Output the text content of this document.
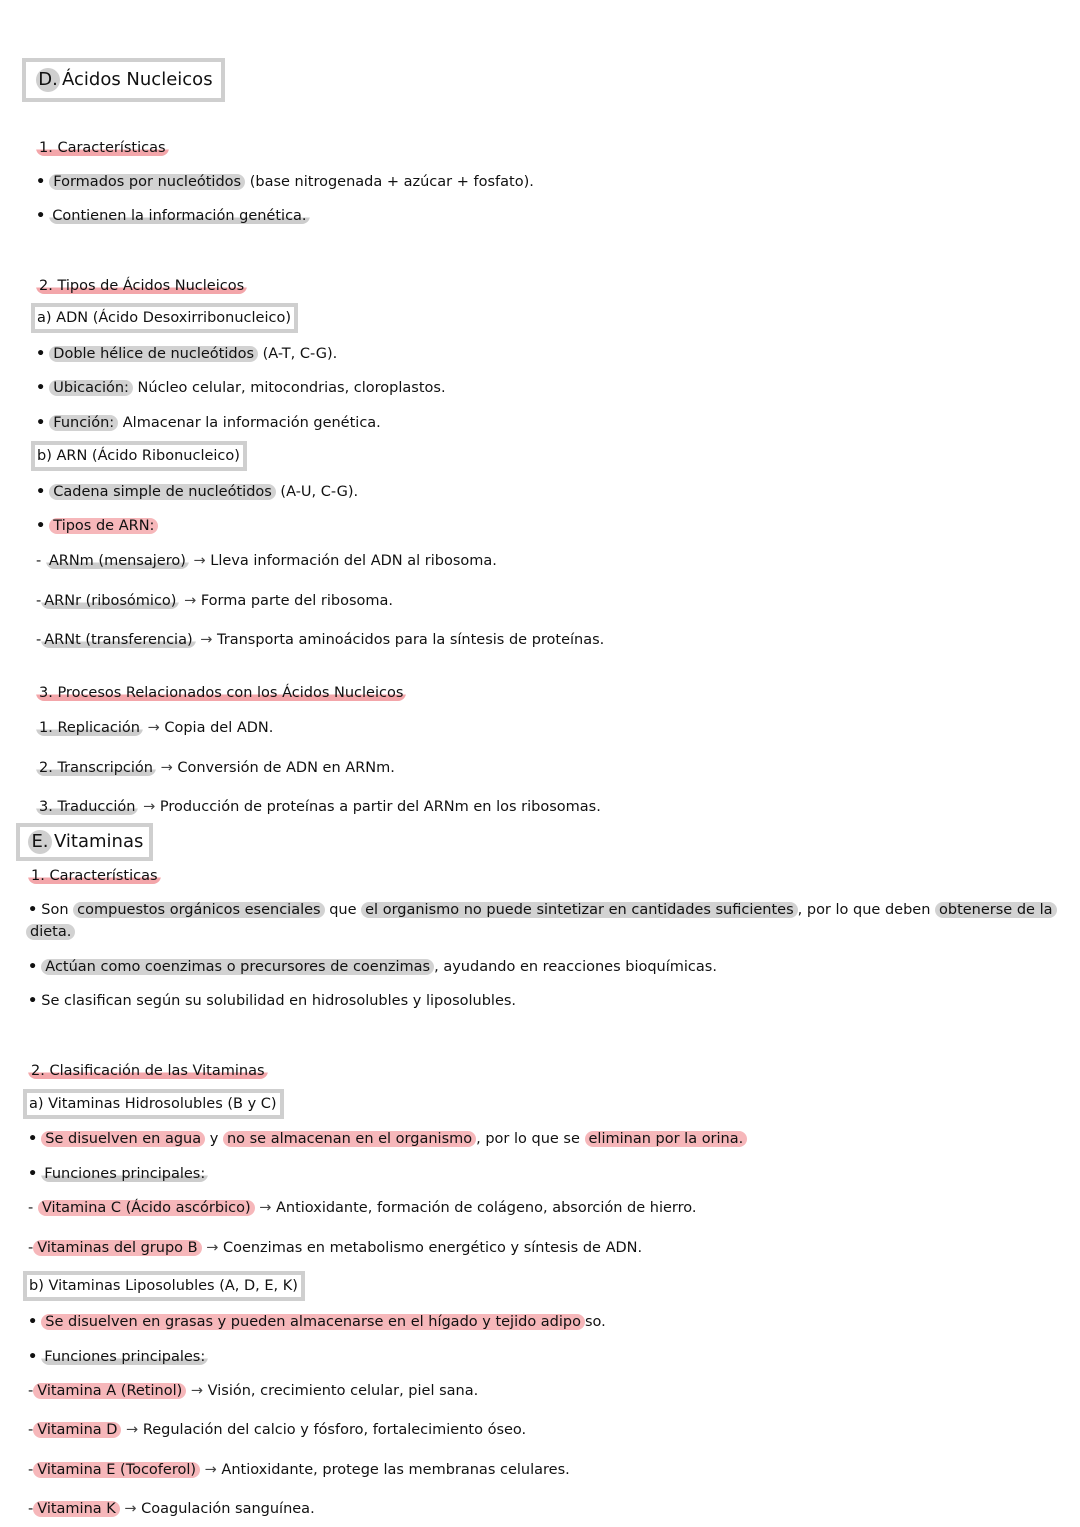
D. Ácidos Nucleicos
1. Características
• Formados por nucleótidos (base nitrogenada + azúcar + fosfato).
• Contienen la información genética.
2. Tipos de Ácidos Nucleicos
a) ADN (Ácido Desoxirribonucleico)
• Doble hélice de nucleótidos (A-T, C-G).
• Ubicación: Núcleo celular, mitocondrias, cloroplastos.
• Función: Almacenar la información genética.
b) ARN (Ácido Ribonucleico)
• Cadena simple de nucleótidos (A-U, C-G).
• Tipos de ARN:
- ARNm (mensajero) → Lleva información del ADN al ribosoma.
- ARNr (ribosómico) → Forma parte del ribosoma.
- ARNt (transferencia) → Transporta aminoácidos para la síntesis de proteínas.
3. Procesos Relacionados con los Ácidos Nucleicos
1. Replicación → Copia del ADN.
2. Transcripción → Conversión de ADN en ARNm.
3. Traducción → Producción de proteínas a partir del ARNm en los ribosomas.
E. Vitaminas
1. Características
• Son compuestos orgánicos esenciales que el organismo no puede sintetizar en cantidades suficientes , por lo que deben obtenerse de la
dieta.
• Actúan como coenzimas o precursores de coenzimas , ayudando en reacciones bioquímicas.
• Se clasifican según su solubilidad en hidrosolubles y liposolubles.
2. Clasificación de las Vitaminas
a) Vitaminas Hidrosolubles (B y C)
• Se disuelven en agua y no se almacenan en el organismo , por lo que se eliminan por la orina.
• Funciones principales:
- Vitamina C (Ácido ascórbico) → Antioxidante, formación de colágeno, absorción de hierro.
- Vitaminas del grupo B → Coenzimas en metabolismo energético y síntesis de ADN.
b) Vitaminas Liposolubles (A, D, E, K)
• Se disuelven en grasas y pueden almacenarse en el hígado y tejido adipo so.
• Funciones principales:
- Vitamina A (Retinol) → Visión, crecimiento celular, piel sana.
- Vitamina D → Regulación del calcio y fósforo, fortalecimiento óseo.
- Vitamina E (Tocoferol) → Antioxidante, protege las membranas celulares.
- Vitamina K → Coagulación sanguínea.
